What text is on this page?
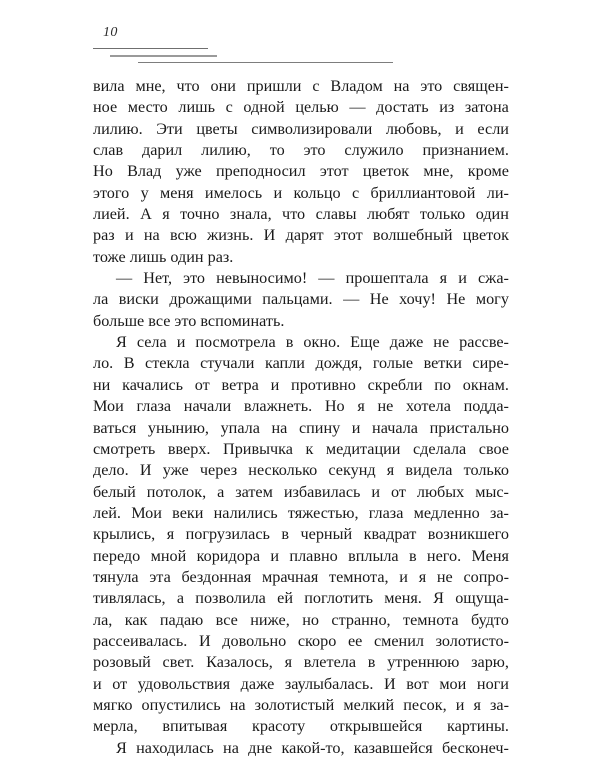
10

вила мне, что они пришли с Владом на это священ-
ное место лишь с одной целью — достать из затона
лилию. Эти цветы символизировали любовь, и если
слав дарил лилию, то это служило признанием.
Но Влад уже преподносил этот цветок мне, кроме
этого у меня имелось и кольцо с бриллиантовой ли-
лией. А я точно знала, что славы любят только один
раз и на всю жизнь. И дарят этот волшебный цветок
тоже лишь один раз.

— Нет, это невыносимо! — прошептала я и сжа-
ла виски дрожащими пальцами. — Не хочу! Не могу
больше все это вспоминать.

Я села и посмотрела в окно. Еще даже не рассве-
ло. В стекла стучали капли дождя, голые ветки сире-
ни качались от ветра и противно скребли по окнам.
Мои глаза начали влажнеть. Но я не хотела подда-
ваться унынию, упала на спину и начала пристально
смотреть вверх. Привычка к медитации сделала свое
дело. И уже через несколько секунд я видела только
белый потолок, а затем избавилась и от любых мыс-
лей. Мои веки налились тяжестью, глаза медленно за-
крылись, я погрузилась в черный квадрат возникшего
передо мной коридора и плавно вплыла в него. Меня
тянула эта бездонная мрачная темнота, и я не сопро-
тивлялась, а позволила ей поглотить меня. Я ощуща-
ла, как падаю все ниже, но странно, темнота будто
рассеивалась. И довольно скоро ее сменил золотисто-
розовый свет. Казалось, я влетела в утреннюю зарю,
и от удовольствия даже заулыбалась. И вот мои ноги
мягко опустились на золотистый мелкий песок, и я за-
мерла, впитывая красоту открывшейся картины.

Я находилась на дне какой-то, казавшейся бесконеч-
